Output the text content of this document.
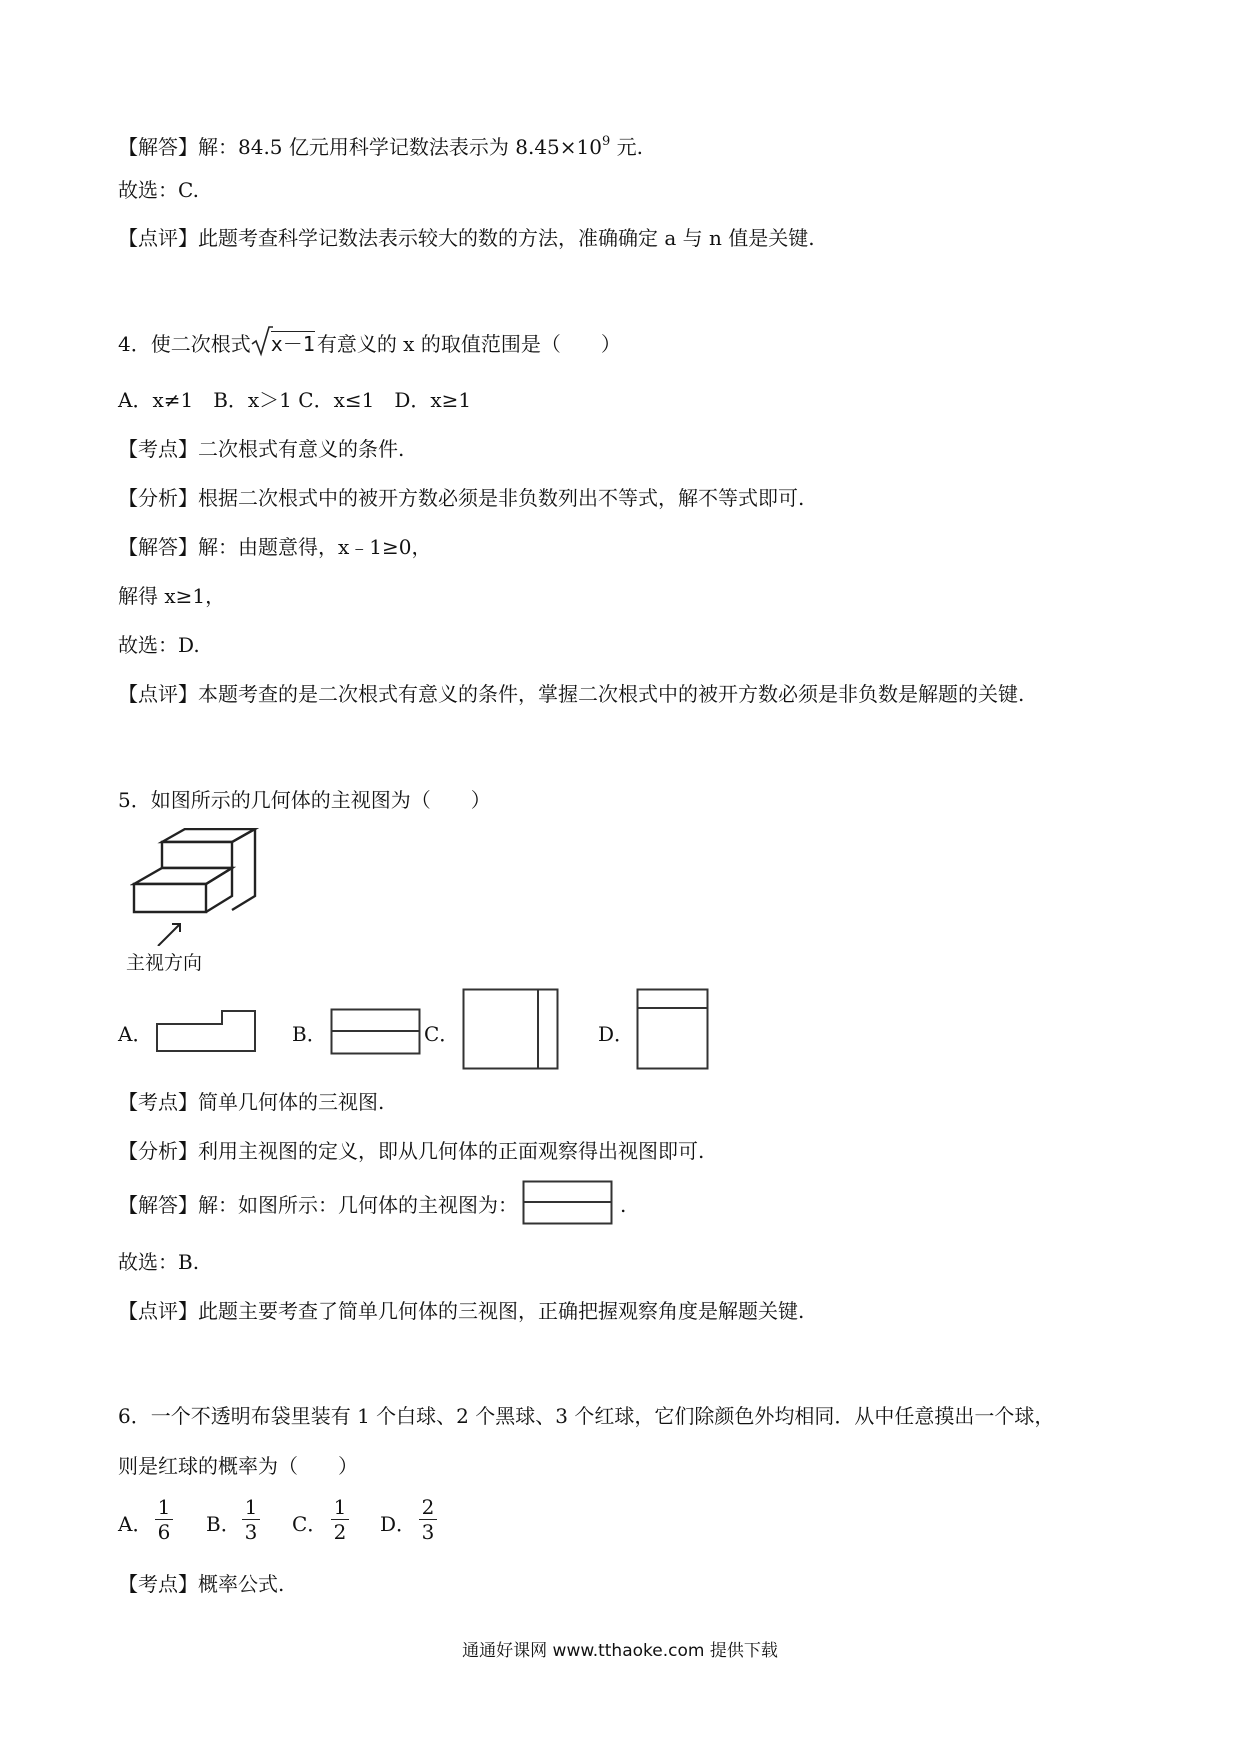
【解答】解：84.5 亿元用科学记数法表示为 $8.45\times 10^9$ 元.
故选：C.
【点评】此题考查科学记数法表示较大的数的方法，准确确定 a 与 n 值是关键.
4．使二次根式 x－1 有意义的 x 的取值范围是（　　）
A．x≠1　B．x＞1 C．x≤1　D．x≥1
【考点】二次根式有意义的条件.
【分析】根据二次根式中的被开方数必须是非负数列出不等式，解不等式即可.
【解答】解：由题意得，x﹣1≥0，
解得 x≥1，
故选：D.
【点评】本题考查的是二次根式有意义的条件，掌握二次根式中的被开方数必须是非负数是解题的关键.
5．如图所示的几何体的主视图为（　　）
主视方向
A．	B．	C．	D．
【考点】简单几何体的三视图.
【分析】利用主视图的定义，即从几何体的正面观察得出视图即可.
【解答】解：如图所示：几何体的主视图为：	.
故选：B.
【点评】此题主要考查了简单几何体的三视图，正确把握观察角度是解题关键.
6．一个不透明布袋里装有 1 个白球、2 个黑球、3 个红球，它们除颜色外均相同．从中任意摸出一个球，
则是红球的概率为（　　）
A．
1
6 B．
1
3 C．
1
2 D．
2
3
【考点】概率公式.
通通好课网 www.tthaoke.com 提供下载
